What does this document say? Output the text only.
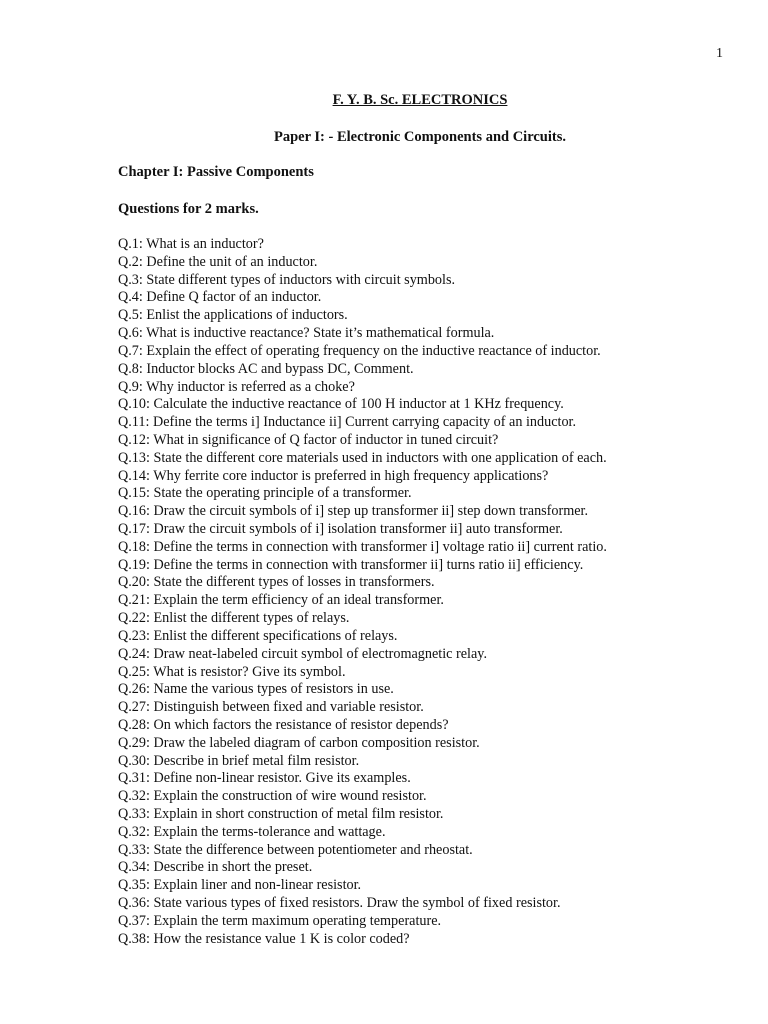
1
F. Y. B. Sc. ELECTRONICS
Paper I: - Electronic Components and Circuits.
Chapter I: Passive Components
Questions for 2 marks.
Q.1: What is an inductor?
Q.2: Define the unit of an inductor.
Q.3: State different types of inductors with circuit symbols.
Q.4: Define Q factor of an inductor.
Q.5: Enlist the applications of inductors.
Q.6: What is inductive reactance? State it’s mathematical formula.
Q.7: Explain the effect of operating frequency on the inductive reactance of inductor.
Q.8: Inductor blocks AC and bypass DC, Comment.
Q.9: Why inductor is referred as a choke?
Q.10: Calculate the inductive reactance of 100 H inductor at 1 KHz frequency.
Q.11: Define the terms i] Inductance ii] Current carrying capacity of an inductor.
Q.12: What in significance of Q factor of inductor in tuned circuit?
Q.13: State the different core materials used in inductors with one application of each.
Q.14: Why ferrite core inductor is preferred in high frequency applications?
Q.15: State the operating principle of a transformer.
Q.16: Draw the circuit symbols of i] step up transformer ii] step down transformer.
Q.17: Draw the circuit symbols of i] isolation transformer ii] auto transformer.
Q.18: Define the terms in connection with transformer i] voltage ratio ii] current ratio.
Q.19: Define the terms in connection with transformer ii] turns ratio ii] efficiency.
Q.20: State the different types of losses in transformers.
Q.21: Explain the term efficiency of an ideal transformer.
Q.22: Enlist the different types of relays.
Q.23: Enlist the different specifications of relays.
Q.24: Draw neat-labeled circuit symbol of electromagnetic relay.
Q.25: What is resistor? Give its symbol.
Q.26: Name the various types of resistors in use.
Q.27: Distinguish between fixed and variable resistor.
Q.28: On which factors the resistance of resistor depends?
Q.29: Draw the labeled diagram of carbon composition resistor.
Q.30: Describe in brief metal film resistor.
Q.31: Define non-linear resistor. Give its examples.
Q.32: Explain the construction of wire wound resistor.
Q.33: Explain in short construction of metal film resistor.
Q.32: Explain the terms-tolerance and wattage.
Q.33: State the difference between potentiometer and rheostat.
Q.34: Describe in short the preset.
Q.35: Explain liner and non-linear resistor.
Q.36: State various types of fixed resistors. Draw the symbol of fixed resistor.
Q.37: Explain the term maximum operating temperature.
Q.38: How the resistance value 1 K is color coded?
